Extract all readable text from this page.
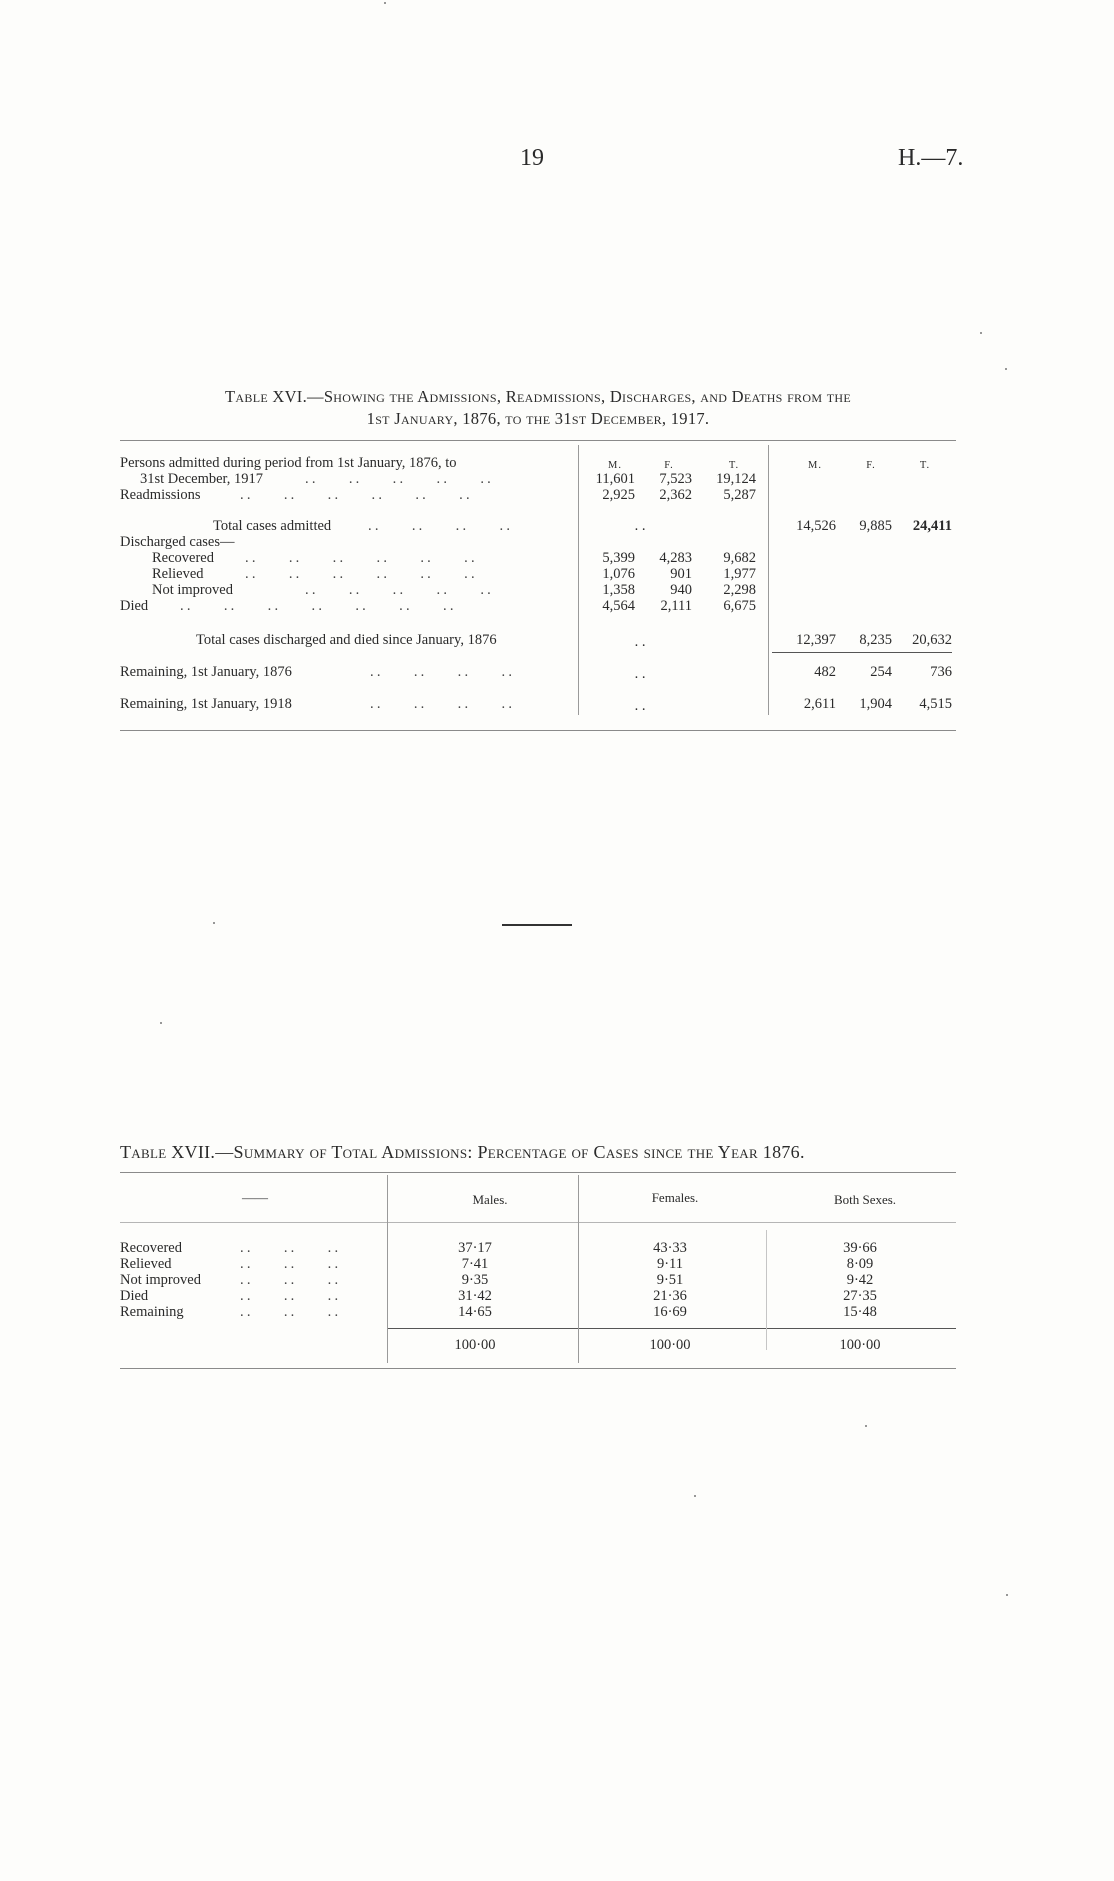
19	H.—7.
Table XVI.—Showing the Admissions, Readmissions, Discharges, and Deaths from the
1st January, 1876, to the 31st December, 1917.
M.	F.	T.	M.	F.	T.
Persons admitted during period from 1st January, 1876, to
31st December, 1917	. .       . .       . .       . .       . .	11,601	7,523	19,124
Readmissions	. .       . .       . .       . .       . .       . .	2,925	2,362	5,287
Total cases admitted	. .       . .       . .       . .	. .	14,526	9,885	24,411
Discharged cases—
Recovered . .       . .       . .       . .       . .       . .	5,399	4,283	9,682
Relieved	. .       . .       . .       . .       . .       . .	1,076	901	1,977
Not improved	. .       . .       . .       . .       . .	1,358	940	2,298
Died . .       . .       . .       . .       . .       . .       . .	4,564	2,111	6,675
Total cases discharged and died since January, 1876	. .	12,397	8,235	20,632
Remaining, 1st January, 1876	. .       . .       . .       . .	. .	482	254	736
Remaining, 1st January, 1918	. .       . .       . .       . .	. .	2,611	1,904	4,515
Table XVII.—Summary of Total Admissions: Percentage of Cases since the Year 1876.
——	Males.	Females.	Both Sexes.
Recovered	. .       . .       . .	37·17	43·33	39·66
Relieved	. .       . .       . .	7·41	9·11	8·09
Not improved	. .       . .       . .	9·35	9·51	9·42
Died	. .       . .       . .	31·42	21·36	27·35
Remaining	. .       . .       . .	14·65	16·69	15·48
100·00	100·00	100·00
